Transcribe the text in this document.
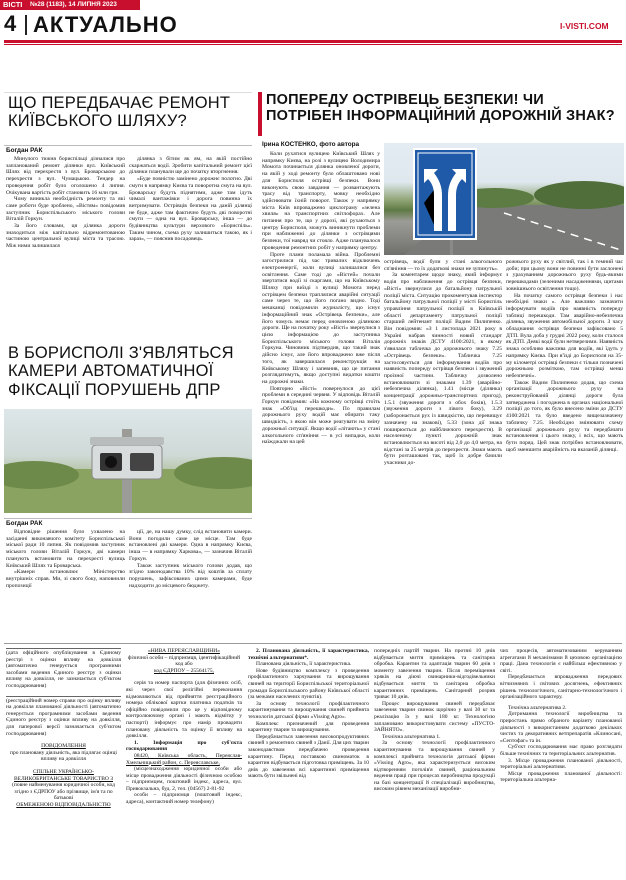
ВІСТІ №28 (1183), 14 ЛИПНЯ 2023
4 АКТУАЛЬНО	I-VISTI.COM
ЩО ПЕРЕДБАЧАЄ РЕМОНТ КИЇВСЬКОГО ШЛЯХУ?
Богдан РАК

Минулого тижня бориспільці дізналися про запланований ремонт ділянки вул. Київський Шлях від перехрестя з вул. Броварською до перехрестя з вул. Чумацькою. Тендер на проведення робіт було оголошено 4 липня. Очікувана вартість робіт становить 16 млн грн.

Чому виникла необхідність ремонту та які саме роботи буде зроблено, «Вістям» повідомив заступник Бориспільського міського голови Віталій Горкун.

За його словами, ця ділянка дороги знаходиться між капітально відремонтованою частиною центральної вулиці міста та трасою. Між ними залишилася

ділянка з бітим як ям, на якій постійно скаржаться водії. Зробити капітальний ремонт цієї ділянки планували ще до початку вторгнення.

«Буде повністю замінено дорожнє полотно. Дві смуги в напрямку Києва та поворотна смуга на вул. Броварську будуть піднятими, адже там ідуть чималі вантажівки і дорога повинна їх витримувати. Острівців безпеки на даній ділянці не буде, адже там фактично будуть дві поворотні смуги — одна на вул. Броварську, інша — до будівництва культури верхового «Бориспіль». Таким чином, схема руху залишиться такою, як і зараз», — пояснив посадовець.

В БОРИСПОЛІ З'ЯВЛЯТЬСЯ КАМЕРИ АВТОМАТИЧНОЇ ФІКСАЦІЇ ПОРУШЕНЬ ДПР
Богдан РАК

Відповідне рішення було ухвалено на засіданні виконавчого комітету Бориспільської міської ради 10 липня. Як повідомив заступник міського голови Віталій Горкун, дві камери планують встановити на перехресті вулиць Київський Шлях та Броварська.

«Камери встановлює Міністерство внутрішніх справ. Ми, зі свого боку, наповнили пропозиції

ції, де, на нашу думку, слід встановити камери. Вони погодили саме це місце. Там буде встановлені дві камери. Одна в напрямку Києва, інша — в напрямку Харкова», — зазначив Віталій Горкун.

Також заступник міського голови додав, що згідно законодавства 10% від коштів за сплату порушень, зафіксованих цими камерами, буде надходити до місцевого бюджету.

ПОПЕРЕДУ ОСТРІВЕЦЬ БЕЗПЕКИ! ЧИ ПОТРІБЕН ІНФОРМАЦІЙНИЙ ДОРОЖНІЙ ЗНАК?
Ірина КОСТЕНКО, фото автора

Коли рухатися вулицею Київський Шлях у напрямку Києва, на розі з вулицею Володимира Момота починається ділянка оновленої дороги, на якій у ході ремонту було облаштовано нові для Борисполя острівці безпеки. Вони виконують свою завдання — розвантажують трасу від транспорту, мовку необхідно здійснювати їхній поворот. Також у напрямку міста Київ впроваджено циклограму «зелена хвиля» на транспортних світлофорах. Але питання про те, що у дорозі, які рухаються з центру Борисполя, можуть виникнути проблеми при наближенні до ділянки з острівцями безпеки, тої навряд чи стояло. Адже планувалося проведення ремонтних робіт у напрямку центру.

Проте плани поламала війна. Проблемні загострилися під час тривалих відключень електроенергії, коли вулиці залишалися без освітлення. Саме тоді до «Вістей» почали звертатися водії зі скаргами, що на Київському Шляху при виїзді з вулиці Момота перед острівцем безпеки траплялися аварійні ситуації саме через те, що його погано видно. Тоді мешканці повідомили журналісту, що існує інформаційний знак «Острівець безпеки», але його чомусь немає перед оновленою ділянкою дороги. Ще на початку року «Вісті» звернулися з цією інформацією до заступника Бориспільського міського голови Віталія Горкуна. Чиновник підтвердив, що такий знак дійсно існує, але його впроваджено вже після того, як завершилася реконструкція на Київському Шляху і запевнив, що це питання розглядатимуть, якщо доступні видатки кошти на дорожні знаки.

Повторно «Вісті» повернулося до цієї проблеми в середині червня. У відповідь Віталій Горкун повідомив: «На кожному острівці стоїть знак «Об'їзд перешкоди». По правилам дорожнього руху водій має обирати таку швидкість, з якою він може реагувати на зміну дорожньої ситуації. Якщо водії «літають» у стані алкогольного сп'яніння — в усі випадки, коли наїжджали на цей

острівець, водії були у стані алкогольного сп'яніння — то їх додаткові знаки не зупинуть».

За коментарем щодо знаку, який інформує водія про наближення до острівця безпеки, «Вісті» звернулися до батальйону патрульної поліції міста. Ситуацію прокоментував інспектор батальйону патрульної поліції у місті Бориспіль управління патрульної поліції в Київській області департаменту патрульної поліції старший лейтенант поліції Вадим Пилипенко. Він повідомив: «З 1 листопада 2021 року в Україні набрав чинності новий стандарт дорожніх знаків ДСТУ 4100:2021, в якому з'явилася табличка до дорожнього знаку 7.25 «Острівець безпеки». Табличка 7.25 застосовується для інформування водіїв про наявність попереду острівця безпеки і звужений проїзної частини. Табличку дозволено встановлювати зі знаками 1.39 (аварійно-небезпечна ділянка), 1.41 (місце (ділянка) концентрації дорожньо-транспортних пригод), 1.5.1 (звуження дороги з обох боків), 1.5.3 (звуження дороги з лівого боку), 3.29 (заборонається рух із швидкістю, що перевищує зазначену на знакові), 5.33 (зона дії знака поширюється до найближчого перехрестя). В населеному пункті дорожній знак встановлюється на висоті від 2,0 до 4,0 метра, на відстані за 25 метрів до перехрестя. Знаки мають бути розташовані так, щоб їх добре бачили учасники до-

рожнього руху як у світлий, так і в темний час доби; при цьому вони не повинні бути заслонені з урахуванням дорожнього руху будь-якими перешкодами (зеленими насадженнями, щитами зовнішнього освітлення тощо).

На початку самого острівця безпеки і нас необхідні знаки «. Але важливо зазначити інформувати водіїв про наявність попереду таблиці перешкоди. Там аварійно-небезпечна ділянка, звуження автомобільної дороги. З часу обладнання острівця безпеки зафіксовано 5 ДТП. Вула доба у грудні 2022 року, коли сталося як ДТП. Деякі водії були нетверезими. Наявність знака особливо важлива для водіїв, які їдуть у напрямку Києва. При в'їзді до Борисполя на 35-му кілометрі острівці безпеки є тільки позначені дорожньою розміткою, там острівці менш небезпечні».

Також Вадим Пилипенко додав, що схема організації дорожнього руху на реконструйованій ділянці дороги була затверджена і погоджена в органах національної поліції до того, як було внесено зміни до ДСТУ 4100:2021 та було введено вищезазначену табличку 7.25. Необхідно змінювати схему організації дорожнього руху та передбачати встановлення і цього знаку, і всіх, що мають бути поряд. Цей знак потрібно встановлювати, щоб зменшити аварійність на вказаній ділянці.

(дата офіційного опублікування в Єдиному реєстрі з оцінки впливу на довкілля (автоматично генерується програмними засобами ведення Єдиного реєстру з оцінки впливу на довкілля, не зазначається суб'єктом господарювання)

(реєстраційний номер справи про оцінку впливу на довкілля планованої діяльності (автоматично генерується програмними засобами ведення Єдиного реєстру з оцінки впливу на довкілля, для паперової версії зазначається суб'єктом господарювання)

ПОВІДОМЛЕННЯ

про плановану діяльність, яка підлягає оцінці впливу на довкілля

СПІЛЬНЕ УКРАЇНСЬКО-ВЕЛИКОБРИТАНСЬКЕ ТОВАРИСТВО З

(повне найменування юридичної особи, код згідно з ЄДРПОУ або прізвище, ім'я та по батькові

ОБМЕЖЕНОЮ ВІДПОВІДАЛЬНІСТЮ

«НИВА ПЕРЕЯСЛАВЩИНИ»

фізичної особи – підприємця, ідентифікаційний код або

код ЄДРПОУ – 25564175,

серія та номер паспорта (для фізичних осіб, які через свої релігійні переконання відмовляються від прийняття реєстраційного номера облікової картки платника податків та офіційно повідомили про це у відповідному контролюючому органі і мають відмітку у паспорті) інформує про намір провадити плановану діяльність та оцінку її впливу на довкілля.

1. Інформація про суб'єкта господарювання

08420, Київська область, Переяслав-Хмельницький район, с. Переяславське,

(місцезнаходження юридичної особи або місце провадження діяльності фізичною особою – підприємцем, поштовий індекс, адреса, вул. Привокзальна, буд. 2, тел. (04567) 2-81-92

особи – підприємця (поштовий індекс, адреса), контактний номер телефону)

2. Планована діяльність, її характеристика, технічні альтернативи*.

Планована діяльність, її характеристика.

Нове будівництво комплексу з проведення профілактичного харчування та вирощування свиней на території Бориспільської територіальної громади Бориспільського району Київської області (за межами населених пунктів).

За основу технології профілактичного карантинування та вирощування свиней прийнята технологія датської фірми «Vissing Agro».

Комплекс призначений для проведення карантину тварин та вирощування.

Передбачається завезення високопродуктивних свиней з ремонтних свиней з Данії. Для цих тварин законодавством передбачено проведення карантину. Перед поставкою свиноматок в карантин відбувається підготовка приміщень. За 10 днів до завезення всі карантинні приміщення мають бути звільнені від

попередніх партій тварин. На протязі 10 днів відбувається миття приміщень та санітарна обробка. Карантин та адаптація тварин 60 днів з моменту завезення тварин. Після переміщення хряків на діючі свинарники-відгодівельники відбувається миття та санітарна обробка карантинних приміщень. Санітарний розрив триває 10 днів.

Процес вирощування свиней передбачає завезення тварин свинок щорічно у вазі 30 кг та реалізацію їх у вазі 180 кг. Технологією заплановано використовувати систему «ПУСТО-ЗАЙНЯТО».

Технічна альтернатива 1.

За основу технології профілактичного карантинування та вирощування свиней у комплексі прийнята технологія датської фірми «Vissing Agro», яка характеризується високим відтворенням поголів'я свиней, раціональним ведення праці при процесах виробництва продукції на базі концентрації й спеціалізації виробництва, високим рівнем механізації виробни-

чих процесів, автоматизованим керуванням агрегатами й механізмами й цеховою організацією праці. Дана технологія є найбільш ефективною у світі.

Передбачається впровадження передових вітчизняних і світових досягнень, ефективних рішень технологічного, санітарно-технологічного і організаційного характеру.

Технічна альтернатива 2.

Дотримання технології виробництва та приростань прямо обраного варіанту планованої діяльності з використанням додатково декількох чистих та декоративних ветпрепаратів «Клиносанi, «Септофаг» та ін.

Суб'єкт господарювання має право розглядати більше технічних та територіальних альтернатив.

3. Місце провадження планованої діяльності, територіальні альтернативи.

Місце провадження планованої діяльності: територіальна альтерна-
